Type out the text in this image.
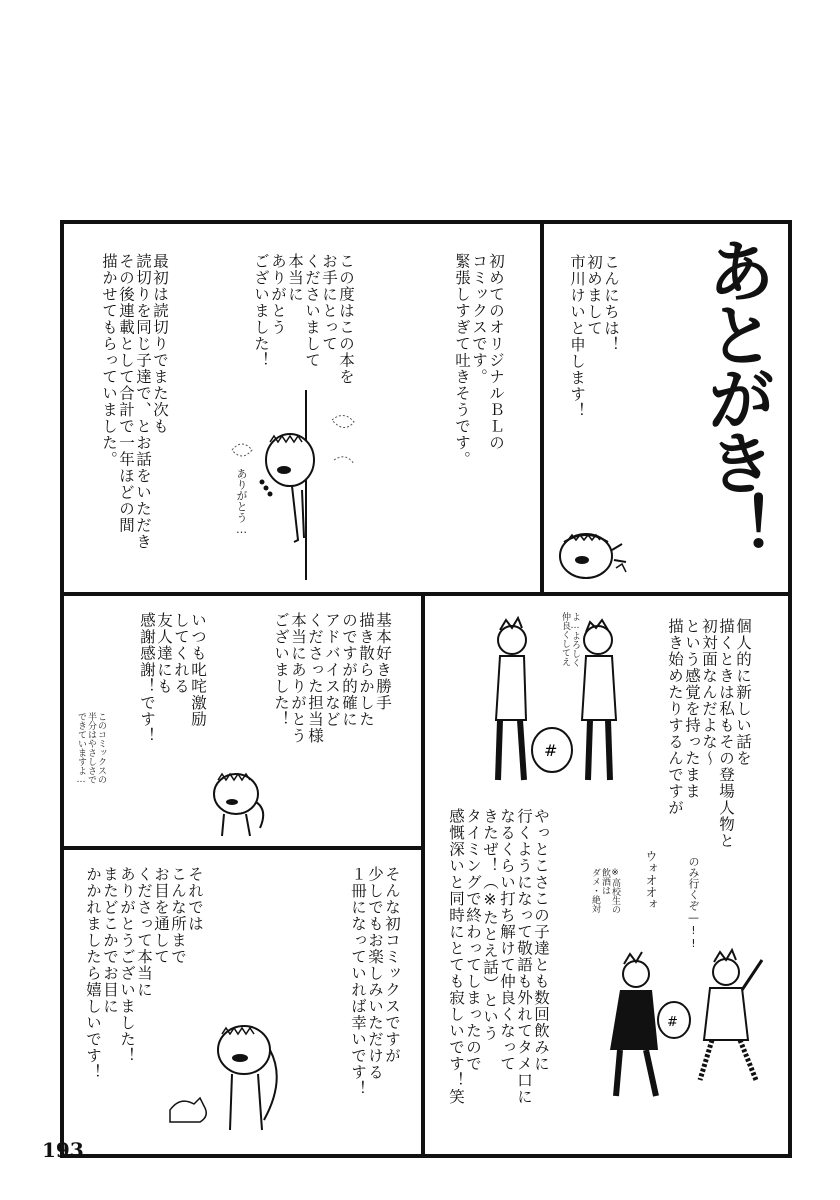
あとがき！
こんにちは！
初めまして
市川けいと申します！
初めてのオリジナルＢＬの
コミックスです。
緊張しすぎて吐きそうです。
この度はこの本を
お手にとって
くださいまして
本当に
ありがとう
ございました！
最初は読切りでまた次も
読切りを同じ子達で、とお話をいただき
その後連載として合計で一年ほどの間
描かせてもらっていました。
個人的に新しい話を
描くときは私もその登場人物と
初対面なんだよな〜
という感覚を持ったまま
描き始めたりするんですが
やっとこさこの子達とも数回飲みに
行くようになって敬語も外れてタメ口に
なるくらい打ち解けて仲良くなって
きたぜ！（※たとえ話）という
タイミングで終わってしまったので
感慨深いと同時にとても寂しいです！笑
基本好き勝手
描き散らかした
のですが的確に
アドバイスなど
くださった担当様
本当にありがとう
ございました！
いつも叱咤激励
してくれる
友人達にも
感謝感謝！です！
そんな初コミックスですが
少しでもお楽しみいただける
１冊になっていれば幸いです！
それでは
こんな所まで
お目を通して
くださって本当に
ありがとうございました！
またどこかでお目に
かかれましたら嬉しいです！
ありがとう…
よ…よろしく
仲良くしてえ
のみ行くぞ—!!
ウォオオォ
※高校生の
飲酒は
ダメ・絶対
このコミックスの
半分はやさしさで
できていますよ…	#
#
193
